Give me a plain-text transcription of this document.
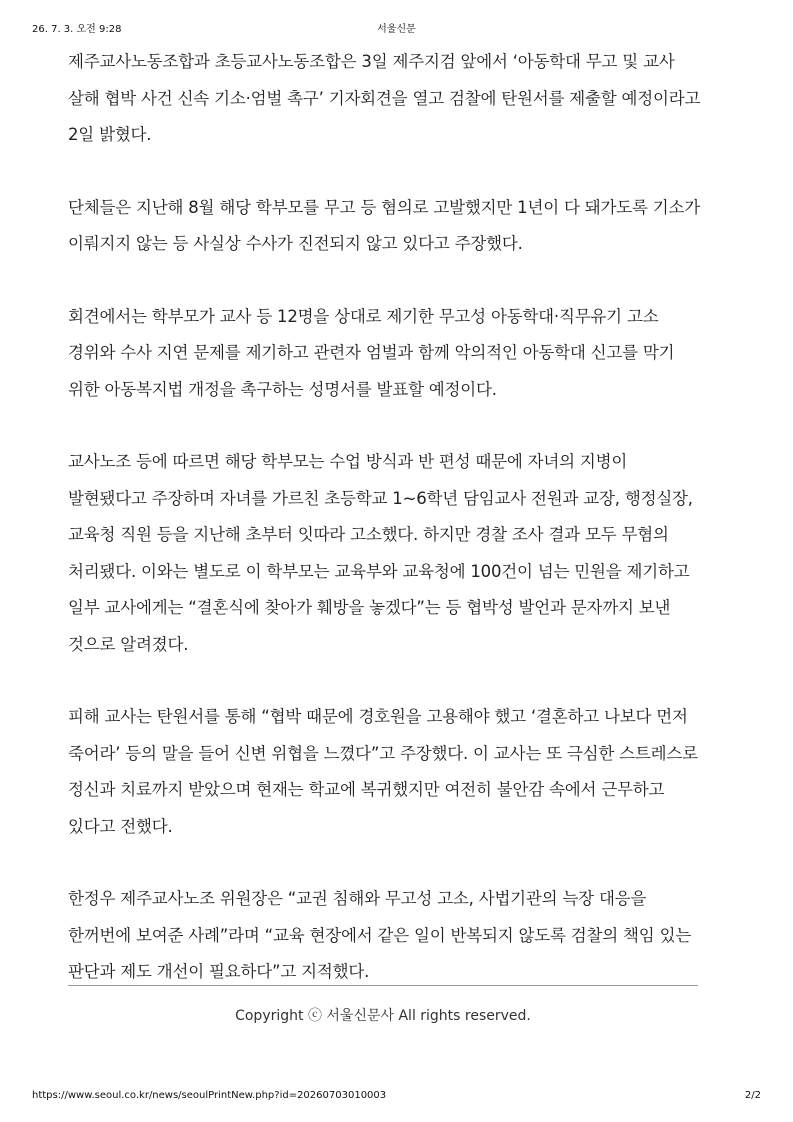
26. 7. 3. 오전 9:28	서울신문

제주교사노동조합과 초등교사노동조합은 3일 제주지검 앞에서 ‘아동학대 무고 및 교사 살해 협박 사건 신속 기소·엄벌 촉구’ 기자회견을 열고 검찰에 탄원서를 제출할 예정이라고 2일 밝혔다.

단체들은 지난해 8월 해당 학부모를 무고 등 혐의로 고발했지만 1년이 다 돼가도록 기소가 이뤄지지 않는 등 사실상 수사가 진전되지 않고 있다고 주장했다.

회견에서는 학부모가 교사 등 12명을 상대로 제기한 무고성 아동학대·직무유기 고소 경위와 수사 지연 문제를 제기하고 관련자 엄벌과 함께 악의적인 아동학대 신고를 막기 위한 아동복지법 개정을 촉구하는 성명서를 발표할 예정이다.

교사노조 등에 따르면 해당 학부모는 수업 방식과 반 편성 때문에 자녀의 지병이 발현됐다고 주장하며 자녀를 가르친 초등학교 1~6학년 담임교사 전원과 교장, 행정실장, 교육청 직원 등을 지난해 초부터 잇따라 고소했다. 하지만 경찰 조사 결과 모두 무혐의 처리됐다. 이와는 별도로 이 학부모는 교육부와 교육청에 100건이 넘는 민원을 제기하고 일부 교사에게는 “결혼식에 찾아가 훼방을 놓겠다”는 등 협박성 발언과 문자까지 보낸 것으로 알려졌다.

피해 교사는 탄원서를 통해 “협박 때문에 경호원을 고용해야 했고 ‘결혼하고 나보다 먼저 죽어라’ 등의 말을 들어 신변 위협을 느꼈다”고 주장했다. 이 교사는 또 극심한 스트레스로 정신과 치료까지 받았으며 현재는 학교에 복귀했지만 여전히 불안감 속에서 근무하고 있다고 전했다.

한정우 제주교사노조 위원장은 “교권 침해와 무고성 고소, 사법기관의 늑장 대응을 한꺼번에 보여준 사례”라며 “교육 현장에서 같은 일이 반복되지 않도록 검찰의 책임 있는 판단과 제도 개선이 필요하다”고 지적했다.

Copyright ⓒ 서울신문사 All rights reserved.
https://www.seoul.co.kr/news/seoulPrintNew.php?id=20260703010003	2/2
